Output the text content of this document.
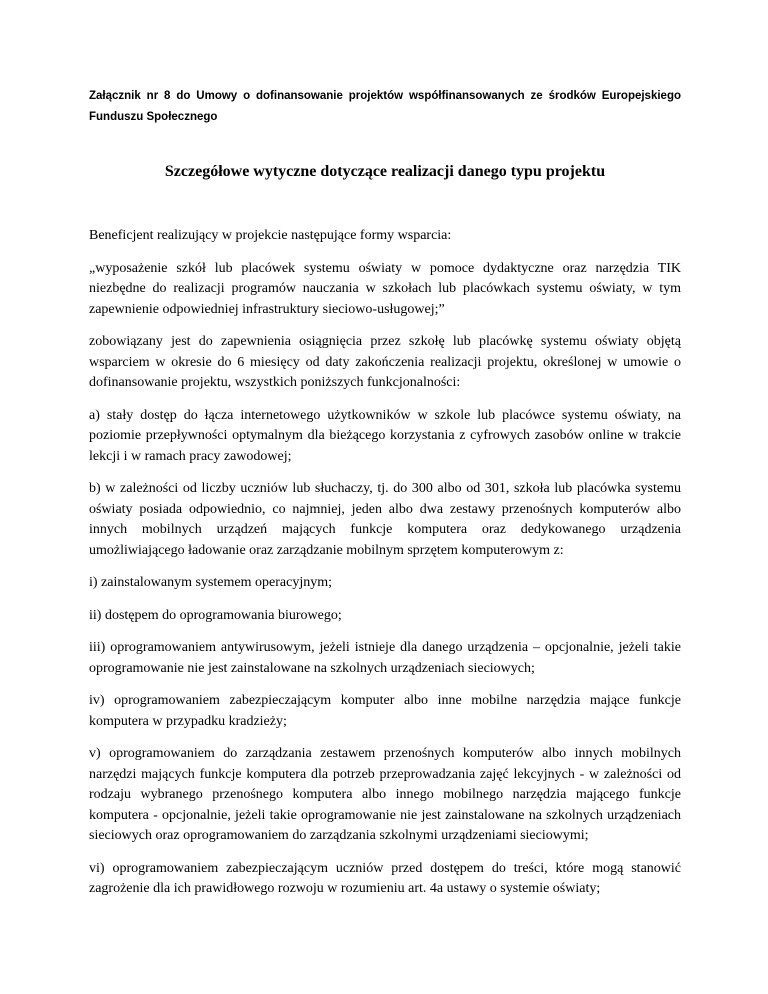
Załącznik nr 8 do Umowy o dofinansowanie projektów współfinansowanych ze środków Europejskiego Funduszu Społecznego
Szczegółowe wytyczne dotyczące realizacji danego typu projektu

Beneficjent realizujący w projekcie następujące formy wsparcia:

„wyposażenie szkół lub placówek systemu oświaty w pomoce dydaktyczne oraz narzędzia TIK niezbędne do realizacji programów nauczania w szkołach lub placówkach systemu oświaty, w tym zapewnienie odpowiedniej infrastruktury sieciowo-usługowej;”

zobowiązany jest do zapewnienia osiągnięcia przez szkołę lub placówkę systemu oświaty objętą wsparciem w okresie do 6 miesięcy od daty zakończenia realizacji projektu, określonej w umowie o dofinansowanie projektu, wszystkich poniższych funkcjonalności:

a) stały dostęp do łącza internetowego użytkowników w szkole lub placówce systemu oświaty, na poziomie przepływności optymalnym dla bieżącego korzystania z cyfrowych zasobów online w trakcie lekcji i w ramach pracy zawodowej;

b) w zależności od liczby uczniów lub słuchaczy, tj. do 300 albo od 301, szkoła lub placówka systemu oświaty posiada odpowiednio, co najmniej, jeden albo dwa zestawy przenośnych komputerów albo innych mobilnych urządzeń mających funkcje komputera oraz dedykowanego urządzenia umożliwiającego ładowanie oraz zarządzanie mobilnym sprzętem komputerowym z:

i) zainstalowanym systemem operacyjnym;

ii) dostępem do oprogramowania biurowego;

iii) oprogramowaniem antywirusowym, jeżeli istnieje dla danego urządzenia – opcjonalnie, jeżeli takie oprogramowanie nie jest zainstalowane na szkolnych urządzeniach sieciowych;

iv) oprogramowaniem zabezpieczającym komputer albo inne mobilne narzędzia mające funkcje komputera w przypadku kradzieży;

v) oprogramowaniem do zarządzania zestawem przenośnych komputerów albo innych mobilnych narzędzi mających funkcje komputera dla potrzeb przeprowadzania zajęć lekcyjnych - w zależności od rodzaju wybranego przenośnego komputera albo innego mobilnego narzędzia mającego funkcje komputera - opcjonalnie, jeżeli takie oprogramowanie nie jest zainstalowane na szkolnych urządzeniach sieciowych oraz oprogramowaniem do zarządzania szkolnymi urządzeniami sieciowymi;

vi) oprogramowaniem zabezpieczającym uczniów przed dostępem do treści, które mogą stanowić zagrożenie dla ich prawidłowego rozwoju w rozumieniu art. 4a ustawy o systemie oświaty;
